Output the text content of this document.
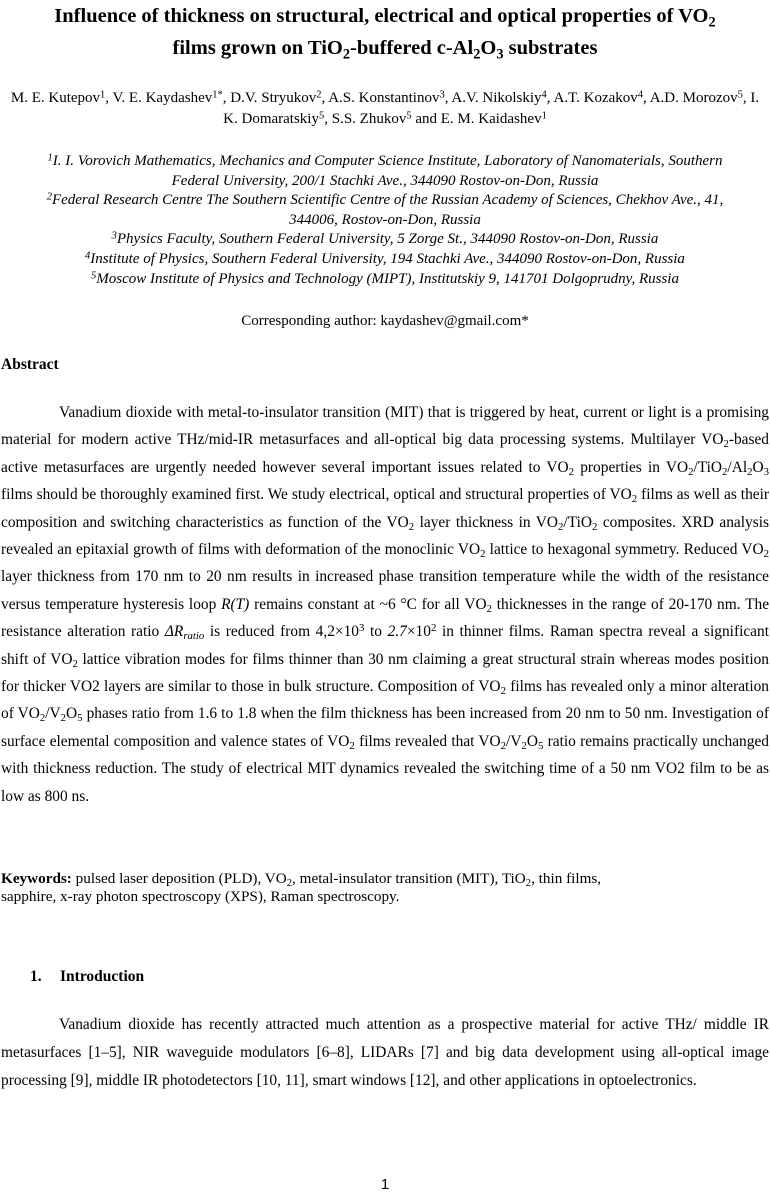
Influence of thickness on structural, electrical and optical properties of $VO_2$
films grown on TiO$_2$-buffered $c-Al_2O_3$ substrates
M. E. Kutepov$^1$, V. E. Kaydashev$^{1*}$, D.V. Stryukov$^2$, A.S. Konstantinov$^3$, A.V. Nikolskiy$^4$, A.T. Kozakov$^4$, A.D. Morozov$^5$, I. K. Domaratskiy$^5$, S.S. Zhukov$^5$ and E. M. Kaidashev$^1$
$^1$I. I. Vorovich Mathematics, Mechanics and Computer Science Institute, Laboratory of Nanomaterials, Southern
Federal University, 200/1 Stachki Ave., 344090 Rostov-on-Don, Russia
$^2$Federal Research Centre The Southern Scientific Centre of the Russian Academy of Sciences, Chekhov Ave., 41,
344006, Rostov-on-Don, Russia
$^3$Physics Faculty, Southern Federal University, 5 Zorge St., 344090 Rostov-on-Don, Russia
$^4$Institute of Physics, Southern Federal University, 194 Stachki Ave., 344090 Rostov-on-Don, Russia
$^5$Moscow Institute of Physics and Technology (MIPT), Institutskiy 9, 141701 Dolgoprudny, Russia
Corresponding author: kaydashev@gmail.com*
Abstract

Vanadium dioxide with metal-to-insulator transition (MIT) that is triggered by heat, current or light is a promising material for modern active THz/mid-IR metasurfaces and all-optical big data processing systems. Multilayer $VO_2$-based active metasurfaces are urgently needed however several important issues related to $VO_2$ properties in $VO_2/TiO_2/Al_2O_3$ films should be thoroughly examined first. We study electrical, optical and structural properties of $VO_2$ films as well as their composition and switching characteristics as function of the $VO_2$ layer thickness in $VO_2/TiO_2$ composites. XRD analysis revealed an epitaxial growth of films with deformation of the monoclinic $VO_2$ lattice to hexagonal symmetry. Reduced $VO_2$ layer thickness from 170 nm to 20 nm results in increased phase transition temperature while the width of the resistance versus temperature hysteresis loop R(T) remains constant at ~6 °C for all $VO_2$ thicknesses in the range of 20-170 nm. The resistance alteration ratio $\Delta R_{ratio}$ is reduced from $4,2\times 10^3$ to $2.7\times 10^2$ in thinner films. Raman spectra reveal a significant shift of $VO_2$ lattice vibration modes for films thinner than 30 nm claiming a great structural strain whereas modes position for thicker VO2 layers are similar to those in bulk structure. Composition of $VO_2$ films has revealed only a minor alteration of $VO_2/V_2O_5$ phases ratio from 1.6 to 1.8 when the film thickness has been increased from 20 nm to 50 nm. Investigation of surface elemental composition and valence states of $VO_2$ films revealed that $VO_2/V_2O_5$ ratio remains practically unchanged with thickness reduction. The study of electrical MIT dynamics revealed the switching time of a 50 nm VO2 film to be as low as 800 ns.

Keywords: pulsed laser deposition (PLD), $VO_2$, metal-insulator transition (MIT), TiO$_2$, thin films,
sapphire, x-ray photon spectroscopy (XPS), Raman spectroscopy.
1. Introduction

Vanadium dioxide has recently attracted much attention as a prospective material for active THz/ middle IR metasurfaces [1–5], NIR waveguide modulators [6–8], LIDARs [7] and big data development using all-optical image processing [9], middle IR photodetectors [10, 11], smart windows [12], and other applications in optoelectronics.

1
